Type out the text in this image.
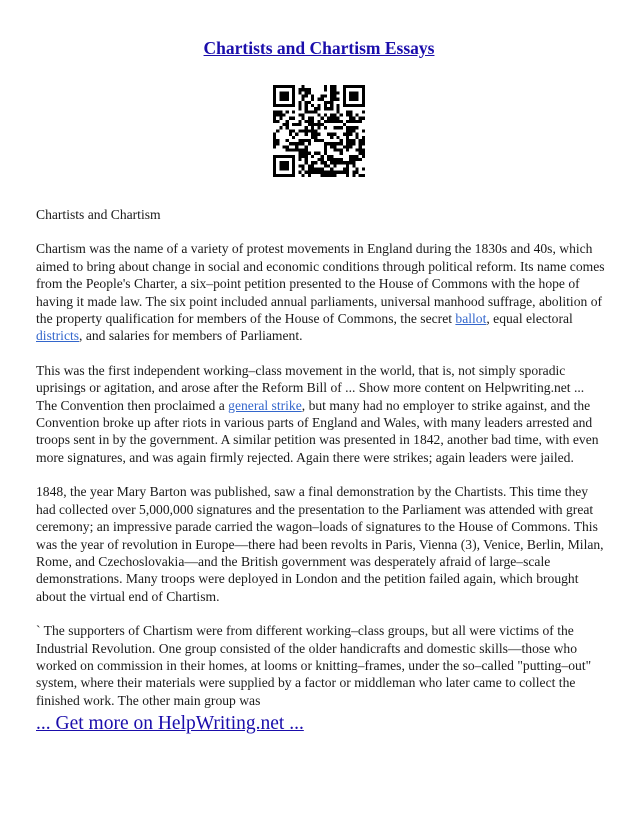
Chartists and Chartism Essays

Chartists and Chartism

Chartism was the name of a variety of protest movements in England during the 1830s and 40s, which aimed to bring about change in social and economic conditions through political reform. Its name comes from the People's Charter, a six–point petition presented to the House of Commons with the hope of having it made law. The six point included annual parliaments, universal manhood suffrage, abolition of the property qualification for members of the House of Commons, the secret ballot, equal electoral districts, and salaries for members of Parliament.

This was the first independent working–class movement in the world, that is, not simply sporadic uprisings or agitation, and arose after the Reform Bill of ... Show more content on Helpwriting.net ... The Convention then proclaimed a general strike, but many had no employer to strike against, and the Convention broke up after riots in various parts of England and Wales, with many leaders arrested and troops sent in by the government. A similar petition was presented in 1842, another bad time, with even more signatures, and was again firmly rejected. Again there were strikes; again leaders were jailed.

1848, the year Mary Barton was published, saw a final demonstration by the Chartists. This time they had collected over 5,000,000 signatures and the presentation to the Parliament was attended with great ceremony; an impressive parade carried the wagon–loads of signatures to the House of Commons. This was the year of revolution in Europe—there had been revolts in Paris, Vienna (3), Venice, Berlin, Milan, Rome, and Czechoslovakia—and the British government was desperately afraid of large–scale demonstrations. Many troops were deployed in London and the petition failed again, which brought about the virtual end of Chartism.

` The supporters of Chartism were from different working–class groups, but all were victims of the Industrial Revolution. One group consisted of the older handicrafts and domestic skills—those who worked on commission in their homes, at looms or knitting–frames, under the so–called "putting–out" system, where their materials were supplied by a factor or middleman who later came to collect the finished work. The other main group was

... Get more on HelpWriting.net ...
